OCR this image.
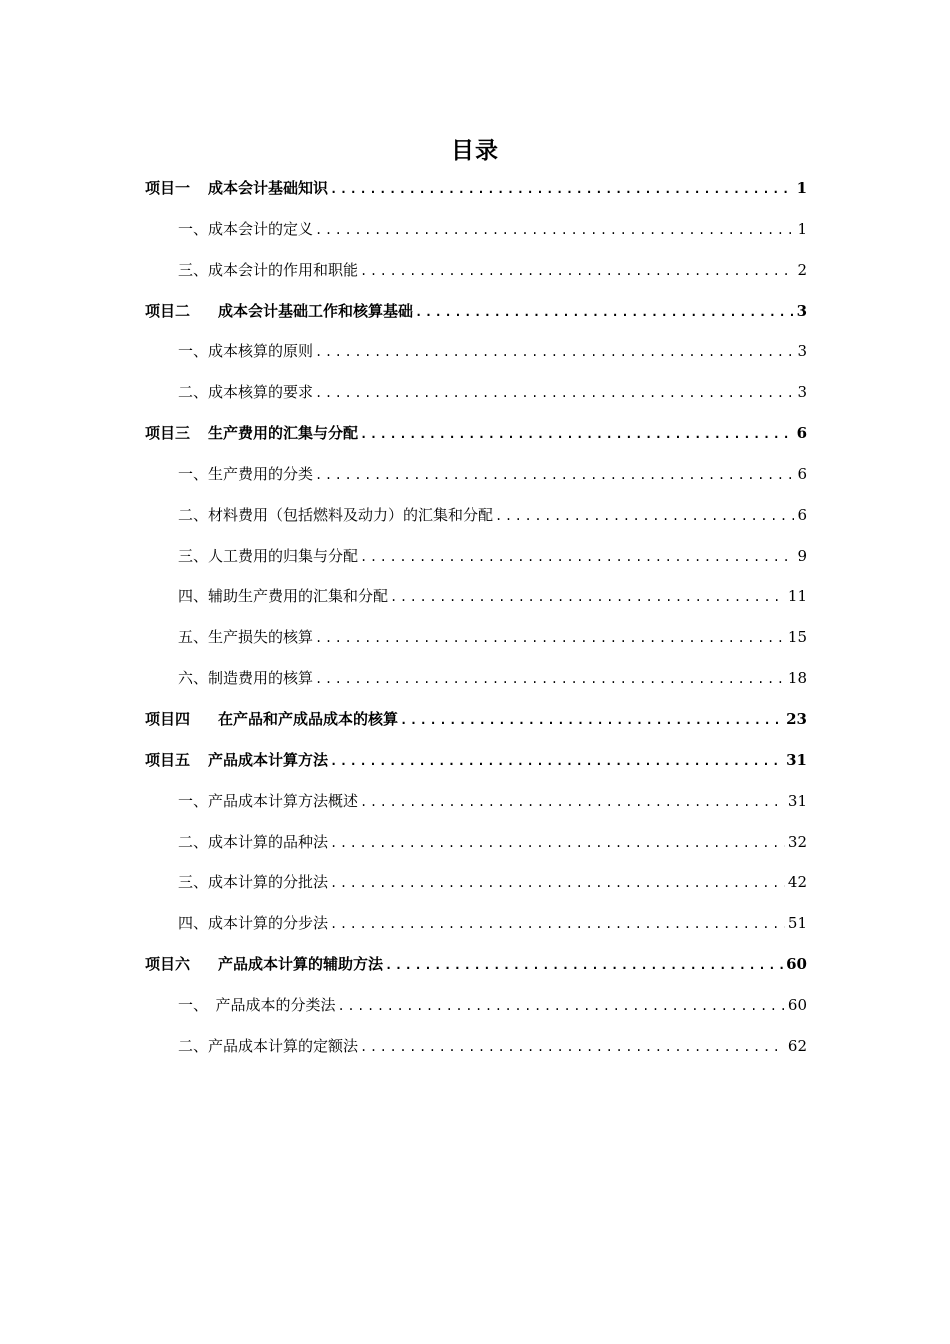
目录
项目一 成本会计基础知识 .....	1
一、成本会计的定义 .....	1
三、成本会计的作用和职能 .....	2
项目二 成本会计基础工作和核算基础 .....	3
一、成本核算的原则 .....	3
二、成本核算的要求 .....	3
项目三 生产费用的汇集与分配 .....	6
一、生产费用的分类 .....	6
二、材料费用（包括燃料及动力）的汇集和分配 .....	6
三、人工费用的归集与分配 .....	9
四、辅助生产费用的汇集和分配 .....	11
五、生产损失的核算 .....	15
六、制造费用的核算 .....	18
项目四 在产品和产成品成本的核算 .....	23
项目五 产品成本计算方法 .....	31
一、产品成本计算方法概述 .....	31
二、成本计算的品种法 .....	32
三、成本计算的分批法 .....	42
四、成本计算的分步法 .....	51
项目六 产品成本计算的辅助方法 .....	60
一、　产品成本的分类法 .....	60
二、产品成本计算的定额法 .....	62
